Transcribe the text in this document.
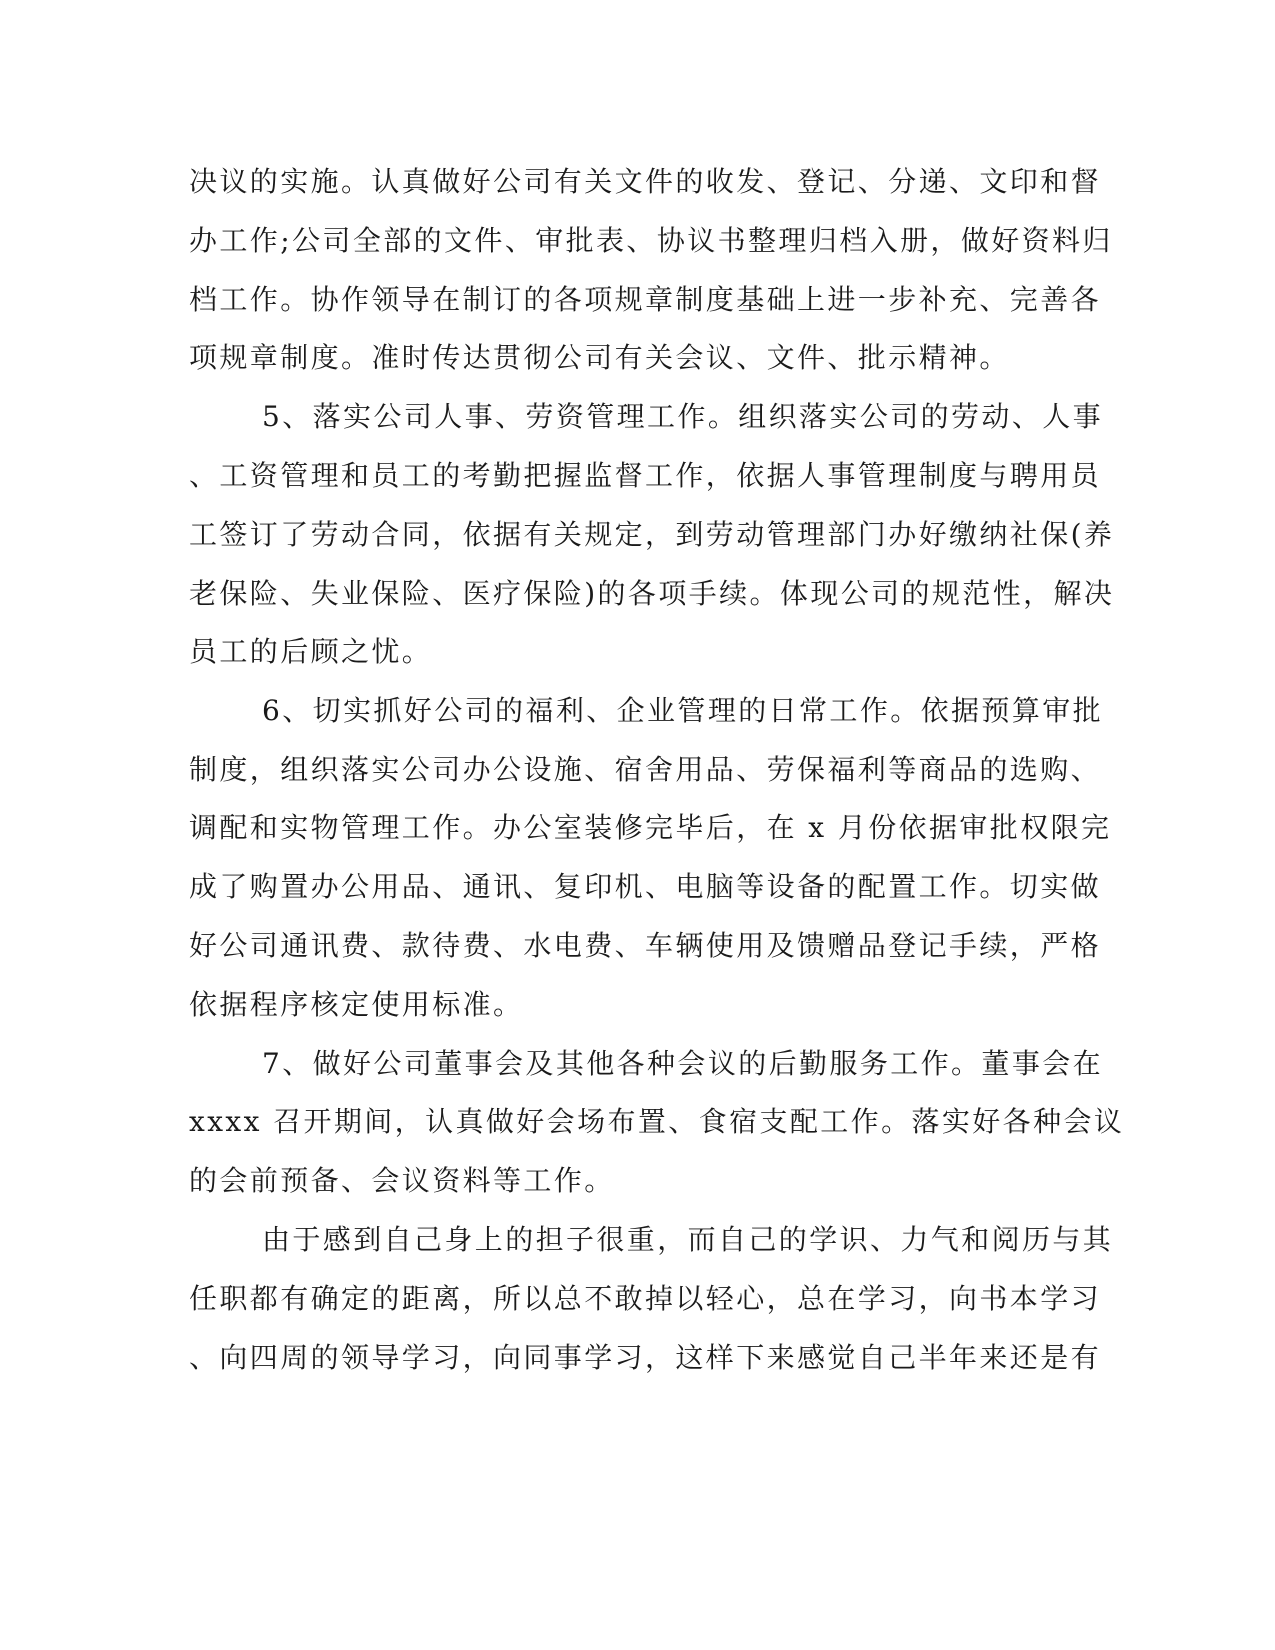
决议的实施。认真做好公司有关文件的收发、登记、分递、文印和督
办工作;公司全部的文件、审批表、协议书整理归档入册，做好资料归
档工作。协作领导在制订的各项规章制度基础上进一步补充、完善各
项规章制度。准时传达贯彻公司有关会议、文件、批示精神。
5、落实公司人事、劳资管理工作。组织落实公司的劳动、人事
、工资管理和员工的考勤把握监督工作，依据人事管理制度与聘用员
工签订了劳动合同，依据有关规定，到劳动管理部门办好缴纳社保(养
老保险、失业保险、医疗保险)的各项手续。体现公司的规范性，解决
员工的后顾之忧。
6、切实抓好公司的福利、企业管理的日常工作。依据预算审批
制度，组织落实公司办公设施、宿舍用品、劳保福利等商品的选购、
调配和实物管理工作。办公室装修完毕后，在 x 月份依据审批权限完
成了购置办公用品、通讯、复印机、电脑等设备的配置工作。切实做
好公司通讯费、款待费、水电费、车辆使用及馈赠品登记手续，严格
依据程序核定使用标准。
7、做好公司董事会及其他各种会议的后勤服务工作。董事会在
xxxx 召开期间，认真做好会场布置、食宿支配工作。落实好各种会议
的会前预备、会议资料等工作。
由于感到自己身上的担子很重，而自己的学识、力气和阅历与其
任职都有确定的距离，所以总不敢掉以轻心，总在学习，向书本学习
、向四周的领导学习，向同事学习，这样下来感觉自己半年来还是有
